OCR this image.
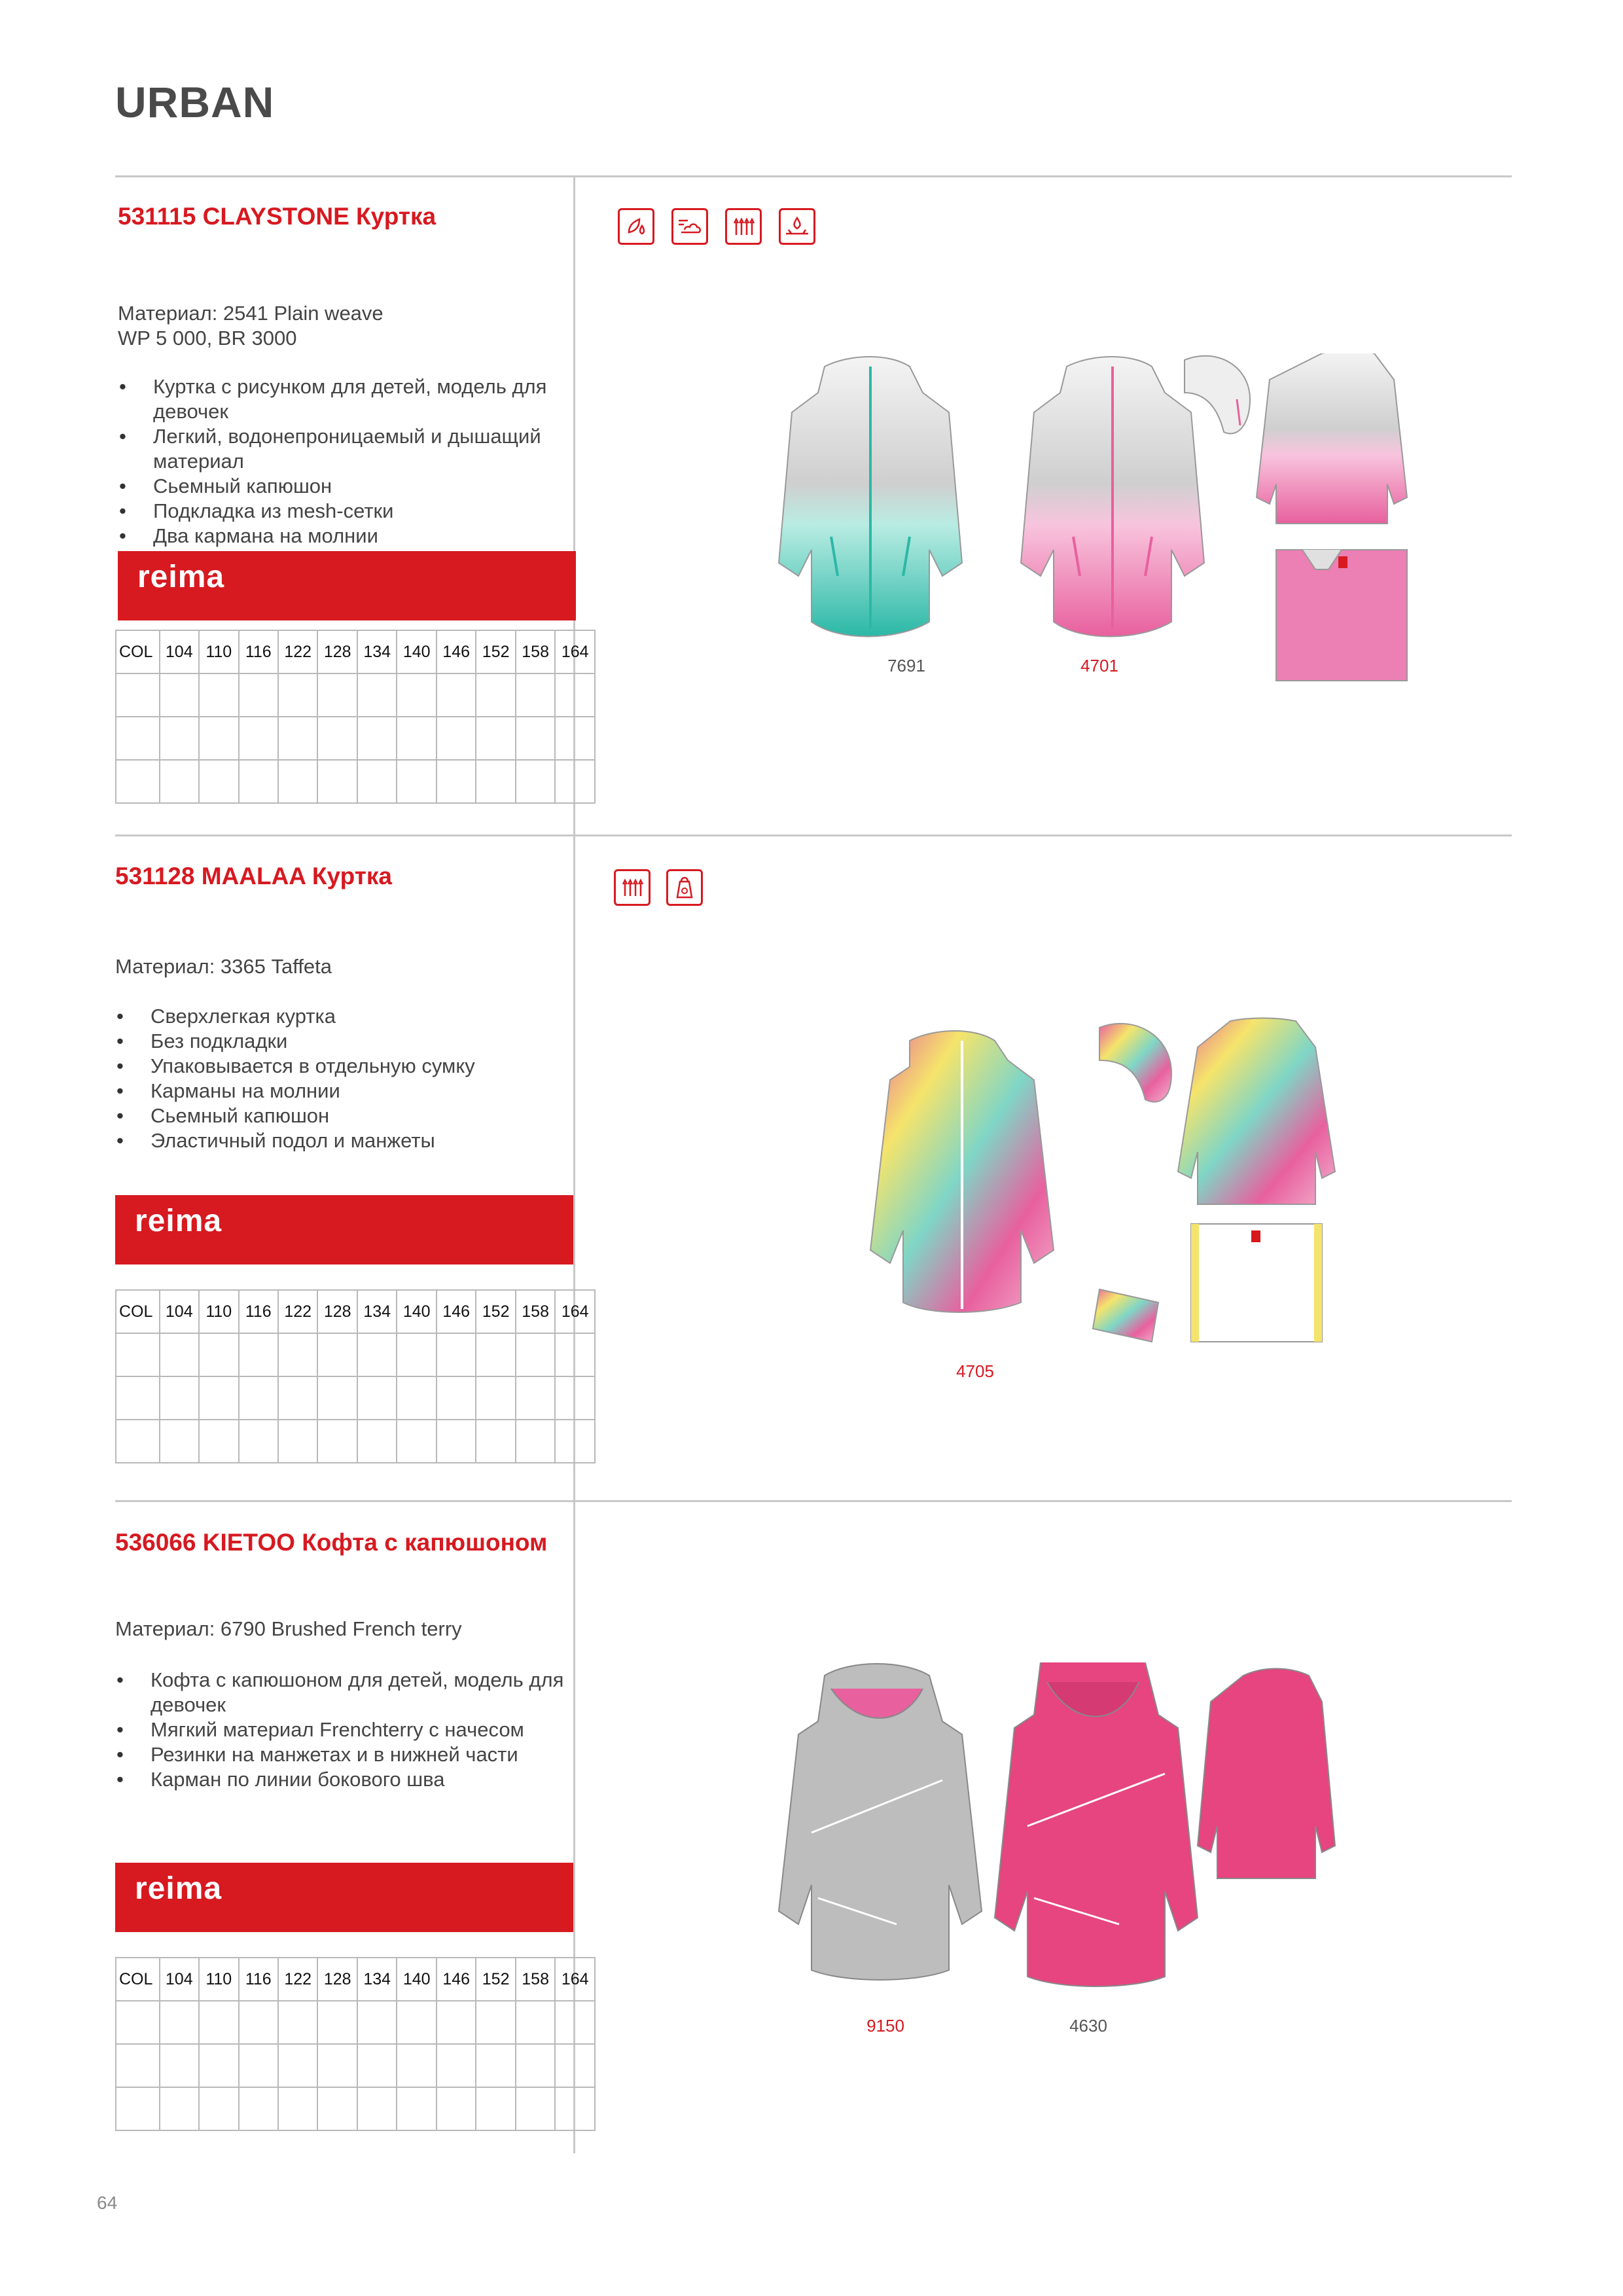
URBAN
531115 CLAYSTONE Куртка
Материал: 2541 Plain weave
WP 5 000, BR 3000
• Куртка с рисунком для детей, модель для девочек
• Легкий, водонепроницаемый и дышащий материал
• Сьемный капюшон
• Подкладка из mesh-сетки
• Два кармана на молнии
reima
COL	104	110	116	122	128	134	140	146	152	158	164

7691	4701
531128 MAALAA Куртка
Материал: 3365 Taffeta
• Сверхлегкая куртка
• Без подкладки
• Упаковывается в отдельную сумку
• Карманы на молнии
• Сьемный капюшон
• Эластичный подол и манжеты
reima
COL	104	110	116	122	128	134	140	146	152	158	164

4705
536066 KIETOO Кофта с капюшоном
Материал: 6790 Brushed French terry
• Кофта с капюшоном для детей, модель для девочек
• Мягкий материал Frenchterry с начесом
• Резинки на манжетах и в нижней части
• Карман по линии бокового шва
reima
COL	104	110	116	122	128	134	140	146	152	158	164

9150	4630
64
